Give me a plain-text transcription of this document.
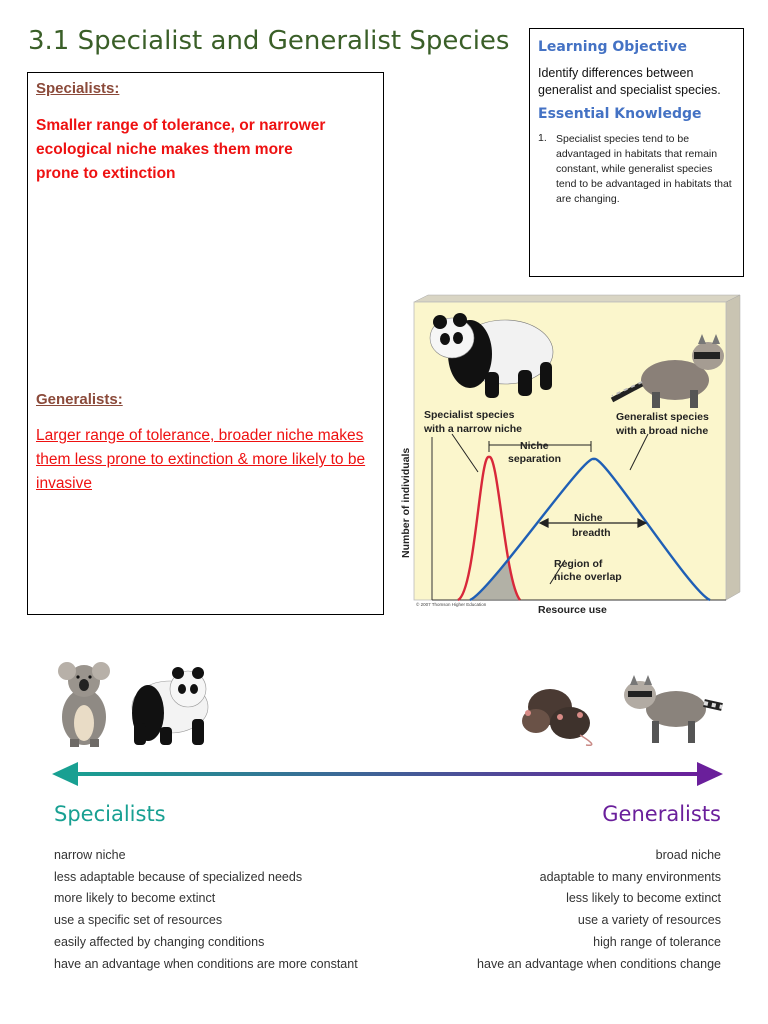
3.1 Specialist and Generalist Species
Specialists:
Smaller range of tolerance, or narrower ecological niche makes them more prone to extinction
Generalists:
Larger range of tolerance, broader niche makes them less prone to extinction & more likely to be invasive
Learning Objective
Identify differences between generalist and specialist species.
Essential Knowledge
1. Specialist species tend to be advantaged in habitats that remain constant, while generalist species tend to be advantaged in habitats that are changing.
Specialist species
with a narrow niche
Generalist species
with a broad niche
Niche
separation
Niche
breadth
Region of
niche overlap
Resource use
Number of individuals
© 2007 Thomson Higher Education
Specialists	Generalists
narrow niche
less adaptable because of specialized needs
more likely to become extinct
use a specific set of resources
easily affected by changing conditions
have an advantage when conditions are more constant
broad niche
adaptable to many environments
less likely to become extinct
use a variety of resources
high range of tolerance
have an advantage when conditions change
